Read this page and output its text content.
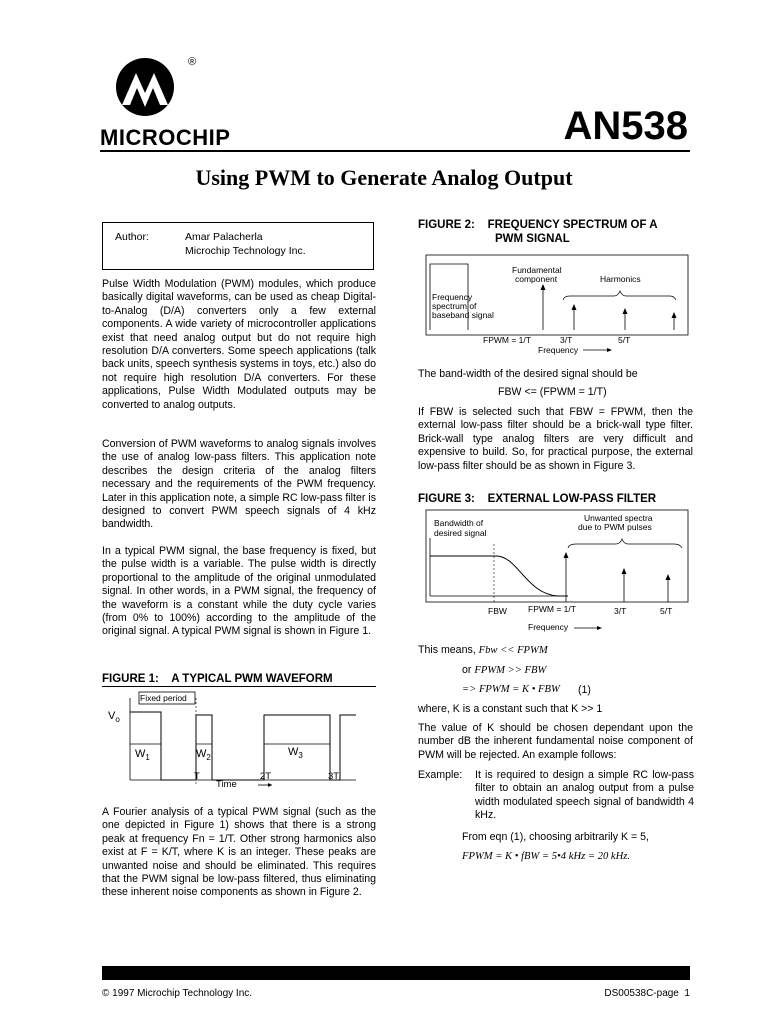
®
MICROCHIP	AN538
Using PWM to Generate Analog Output
Author:	Amar Palacherla
Microchip Technology Inc.

Pulse Width Modulation (PWM) modules, which produce basically digital waveforms, can be used as cheap Digital-to-Analog (D/A) converters only a few external components. A wide variety of microcontroller applications exist that need analog output but do not require high resolution D/A converters. Some speech applications (talk back units, speech synthesis systems in toys, etc.) also do not require high resolution D/A converters. For these applications, Pulse Width Modulated outputs may be converted to analog outputs.

Conversion of PWM waveforms to analog signals involves the use of analog low-pass filters. This application note describes the design criteria of the analog filters necessary and the requirements of the PWM frequency. Later in this application note, a simple RC low-pass filter is designed to convert PWM speech signals of 4 kHz bandwidth.

In a typical PWM signal, the base frequency is fixed, but the pulse width is a variable. The pulse width is directly proportional to the amplitude of the original unmodulated signal. In other words, in a PWM signal, the frequency of the waveform is a constant while the duty cycle varies (from 0% to 100%) according to the amplitude of the original signal. A typical PWM signal is shown in Figure 1.

FIGURE 1:    A TYPICAL PWM WAVEFORM
Fixed period
$V_o$
$W_1$	$W_2$	$W_3$
T	2T	3T
Time

A Fourier analysis of a typical PWM signal (such as the one depicted in Figure 1) shows that there is a strong peak at frequency Fn = 1/T. Other strong harmonics also exist at F = K/T, where K is an integer. These peaks are unwanted noise and should be eliminated. This requires that the PWM signal be low-pass filtered, thus eliminating these inherent noise components as shown in Figure 2.

FIGURE 2:    FREQUENCY SPECTRUM OF A
PWM SIGNAL
Fundamental
component	Harmonics
Frequency
spectrum of
baseband signal
FPWM = 1/T	3/T	5/T
Frequency
The band-width of the desired signal should be
FBW <= (FPWM = 1/T)

If FBW is selected such that FBW = FPWM, then the external low-pass filter should be a brick-wall type filter. Brick-wall type analog filters are very difficult and expensive to build. So, for practical purpose, the external low-pass filter should be as shown in Figure 3.

FIGURE 3:    EXTERNAL LOW-PASS FILTER
Bandwidth of
desired signal
Unwanted spectra
due to PWM pulses
FBW FPWM = 1/T	3/T	5/T
Frequency
This means, Fbw << FPWM
or FPWM >> FBW
=> FPWM = K • FBW (1)
where, K is a constant such that K >> 1

The value of K should be chosen dependant upon the number dB the inherent fundamental noise component of PWM will be rejected. An example follows:

Example: It is required to design a simple RC low-pass filter to obtain an analog output from a pulse width modulated speech signal of bandwidth 4 kHz.

From eqn (1), choosing arbitrarily K = 5,
FPWM = K • fBW = 5•4 kHz = 20 kHz.
© 1997 Microchip Technology Inc.	DS00538C-page  1
